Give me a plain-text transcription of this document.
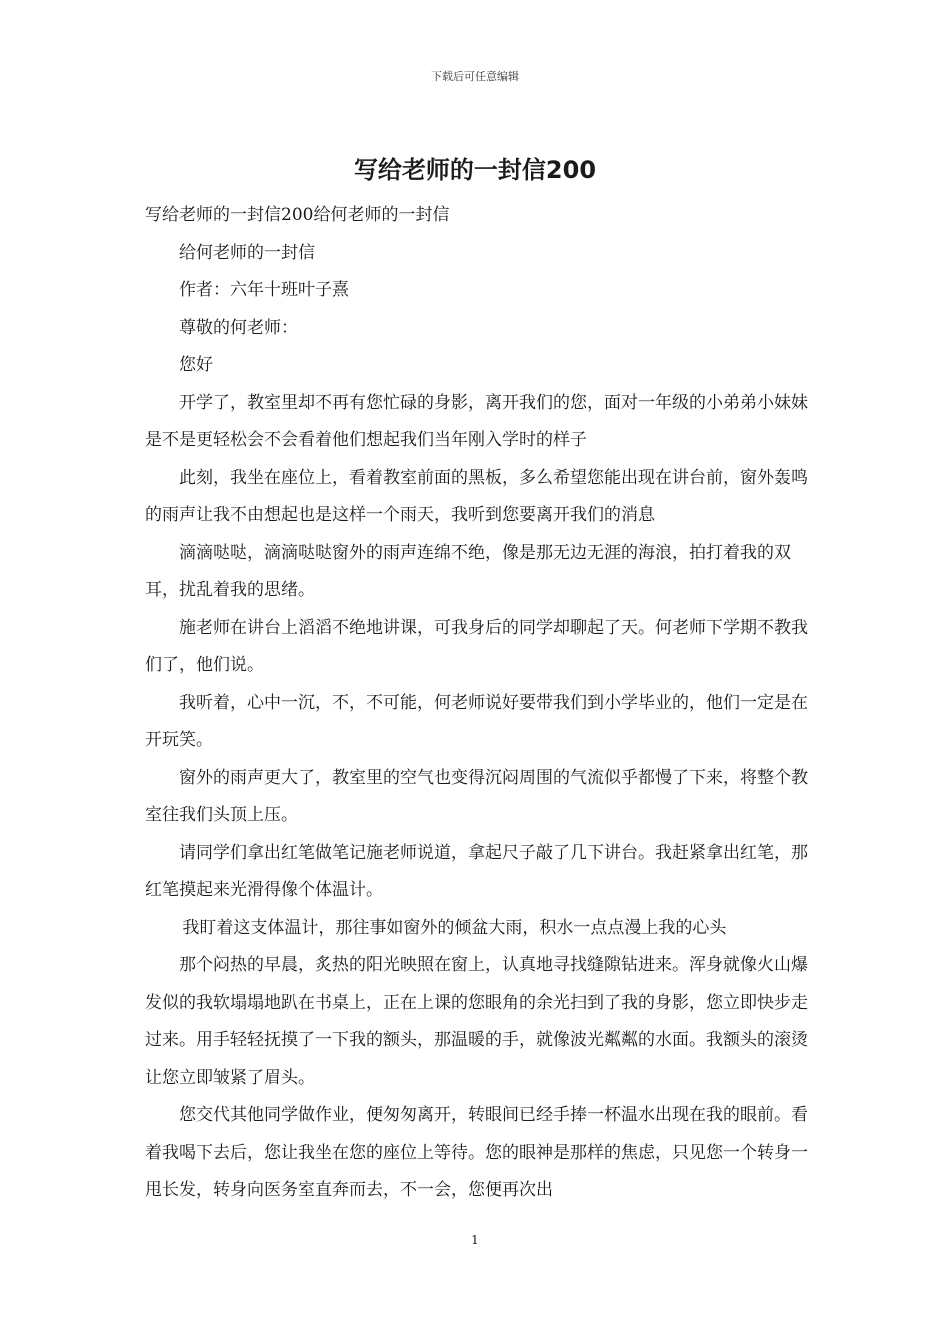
下载后可任意编辑
写给老师的一封信200

写给老师的一封信200给何老师的一封信

给何老师的一封信

作者：六年十班叶子熹

尊敬的何老师：

您好

开学了，教室里却不再有您忙碌的身影，离开我们的您，面对一年级的小弟弟小妹妹是不是更轻松会不会看着他们想起我们当年刚入学时的样子

此刻，我坐在座位上，看着教室前面的黑板，多么希望您能出现在讲台前，窗外轰鸣的雨声让我不由想起也是这样一个雨天，我听到您要离开我们的消息

滴滴哒哒，滴滴哒哒窗外的雨声连绵不绝，像是那无边无涯的海浪，拍打着我的双耳，扰乱着我的思绪。

施老师在讲台上滔滔不绝地讲课，可我身后的同学却聊起了天。何老师下学期不教我们了，他们说。

我听着，心中一沉，不，不可能，何老师说好要带我们到小学毕业的，他们一定是在开玩笑。

窗外的雨声更大了，教室里的空气也变得沉闷周围的气流似乎都慢了下来，将整个教室往我们头顶上压。

请同学们拿出红笔做笔记施老师说道，拿起尺子敲了几下讲台。我赶紧拿出红笔，那红笔摸起来光滑得像个体温计。

我盯着这支体温计，那往事如窗外的倾盆大雨，积水一点点漫上我的心头

那个闷热的早晨，炙热的阳光映照在窗上，认真地寻找缝隙钻进来。浑身就像火山爆发似的我软塌塌地趴在书桌上，正在上课的您眼角的余光扫到了我的身影，您立即快步走过来。用手轻轻抚摸了一下我的额头，那温暖的手，就像波光粼粼的水面。我额头的滚烫让您立即皱紧了眉头。

您交代其他同学做作业，便匆匆离开，转眼间已经手捧一杯温水出现在我的眼前。看着我喝下去后，您让我坐在您的座位上等待。您的眼神是那样的焦虑，只见您一个转身一甩长发，转身向医务室直奔而去，不一会，您便再次出

1
